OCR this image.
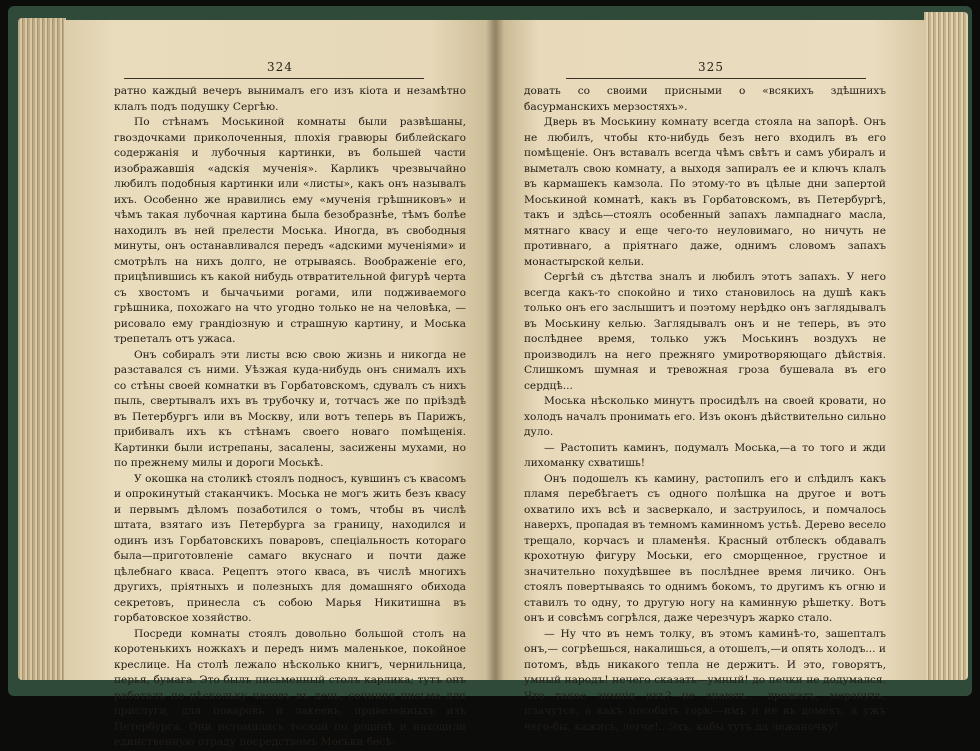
324

ратно каждый вечеръ вынималъ его изъ кіота и незамѣтно клалъ подъ подушку Сергѣю.

По стѣнамъ Моськиной комнаты были развѣшаны, гвоздочками приколоченныя, плохія гравюры библейскаго содержанія и лубочныя картинки, въ большей части изображавшія «адскія мученія». Карликъ чрезвычайно любилъ подобныя картинки или «листы», какъ онъ называлъ ихъ. Особенно же нравились ему «мученія грѣшниковъ» и чѣмъ такая лубочная картина была безобразнѣе, тѣмъ болѣе находилъ въ ней прелести Моська. Иногда, въ свободныя минуты, онъ останавливался передъ «адскими мученіями» и смотрѣлъ на нихъ долго, не отрываясь. Воображеніе его, прицѣпившись къ какой нибудь отвратительной фигурѣ черта съ хвостомъ и бычачьими рогами, или подживаемого грѣшника, похожаго на что угодно только не на человѣка, — рисовало ему грандіозную и страшную картину, и Моська трепеталъ отъ ужаса.

Онъ собиралъ эти листы всю свою жизнь и никогда не разставался съ ними. Уѣзжая куда-нибудь онъ снималъ ихъ со стѣны своей комнатки въ Горбатовскомъ, сдувалъ съ нихъ пыль, свертывалъ ихъ въ трубочку и, тотчасъ же по пріѣздѣ въ Петербургъ или въ Москву, или вотъ теперь въ Парижъ, прибивалъ ихъ къ стѣнамъ своего новаго помѣщенія. Картинки были истрепаны, засалены, засижены мухами, но по прежнему милы и дороги Моськѣ.

У окошка на столикѣ стоялъ подносъ, кувшинъ съ квасомъ и опрокинутый стаканчикъ. Моська не могъ жить безъ квасу и первымъ дѣломъ позаботился о томъ, чтобы въ числѣ штата, взятаго изъ Петербурга за границу, находился и одинъ изъ Горбатовскихъ поваровъ, спеціальность котораго была—приготовленіе самаго вкуснаго и почти даже цѣлебнаго кваса. Рецептъ этого кваса, въ числѣ многихъ другихъ, пріятныхъ и полезныхъ для домашняго обихода секретовъ, принесла съ собою Марья Никитишна въ горбатовское хозяйство.

Посреди комнаты стоялъ довольно большой столъ на коротенькихъ ножкахъ и передъ нимъ маленькое, покойное креслице. На столѣ лежало нѣсколько книгъ, чернильница, перья, бумага. Это былъ письменный столъ карлика; тутъ онъ работалъ по нѣскольку часовъ въ день, сочиняя письма для прислуги, для поваровъ и лакеевъ, привезенныхъ изъ Петербурга. Они истомились тоской по родинѣ и находили единственную отраду посредствомъ Моськи бесѣ-

325

довать со своими присными о «всякихъ здѣшнихъ басурманскихъ мерзостяхъ».

Дверь въ Моськину комнату всегда стояла на запорѣ. Онъ не любилъ, чтобы кто-нибудь безъ него входилъ въ его помѣщеніе. Онъ вставалъ всегда чѣмъ свѣтъ и самъ убиралъ и выметалъ свою комнату, а выходя запиралъ ее и ключъ клалъ въ кармашекъ камзола. По этому-то въ цѣлые дни запертой Моськиной комнатѣ, какъ въ Горбатовскомъ, въ Петербургѣ, такъ и здѣсь—стоялъ особенный запахъ лампаднаго масла, мятнаго квасу и еще чего-то неуловимаго, но ничуть не противнаго, а пріятнаго даже, однимъ словомъ запахъ монастырской кельи.

Сергѣй съ дѣтства зналъ и любилъ этотъ запахъ. У него всегда какъ-то спокойно и тихо становилось на душѣ какъ только онъ его заслышитъ и поэтому нерѣдко онъ заглядывалъ въ Моськину келью. Заглядывалъ онъ и не теперь, въ это послѣднее время, только ужъ Моськинъ воздухъ не производилъ на него прежняго умиротворяющаго дѣйствія. Слишкомъ шумная и тревожная гроза бушевала въ его сердцѣ...

Моська нѣсколько минутъ просидѣлъ на своей кровати, но холодъ началъ пронимать его. Изъ оконъ дѣйствительно сильно дуло.

— Растопить каминъ, подумалъ Моська,—а то того и жди лихоманку схватишь!

Онъ подошелъ къ камину, растопилъ его и слѣдилъ какъ пламя перебѣгаетъ съ одного полѣшка на другое и вотъ охватило ихъ всѣ и засверкало, и заструилось, и помчалось наверхъ, пропадая въ темномъ каминномъ устьѣ. Дерево весело трещало, корчасъ и пламенѣя. Красный отблескъ обдавалъ крохотную фигуру Моськи, его сморщенное, грустное и значительно похудѣвшее въ послѣднее время личико. Онъ стоялъ повертываясь то однимъ бокомъ, то другимъ къ огню и ставилъ то одну, то другую ногу на каминную рѣшетку. Вотъ онъ и совсѣмъ согрѣлся, даже черезчуръ жарко стало.

— Ну что въ немъ толку, въ этомъ каминѣ-то, зашепталъ онъ,— согрѣешься, накалишься, а отошелъ,—и опять холодъ... и потомъ, вѣдь никакого тепла не держитъ. И это, говорятъ, умный народъ! нечего сказать—умный! до печки не додумался. Что такое зимнія ихъ?—не знаютъ... дрожатъ, мерзнутъ, плачутся, а какъ пособить горю—имъ и не въ домекъ, а ужъ чего-бы, кажись, легче!.. Эхъ, кабы тутъ да лежаночку!
